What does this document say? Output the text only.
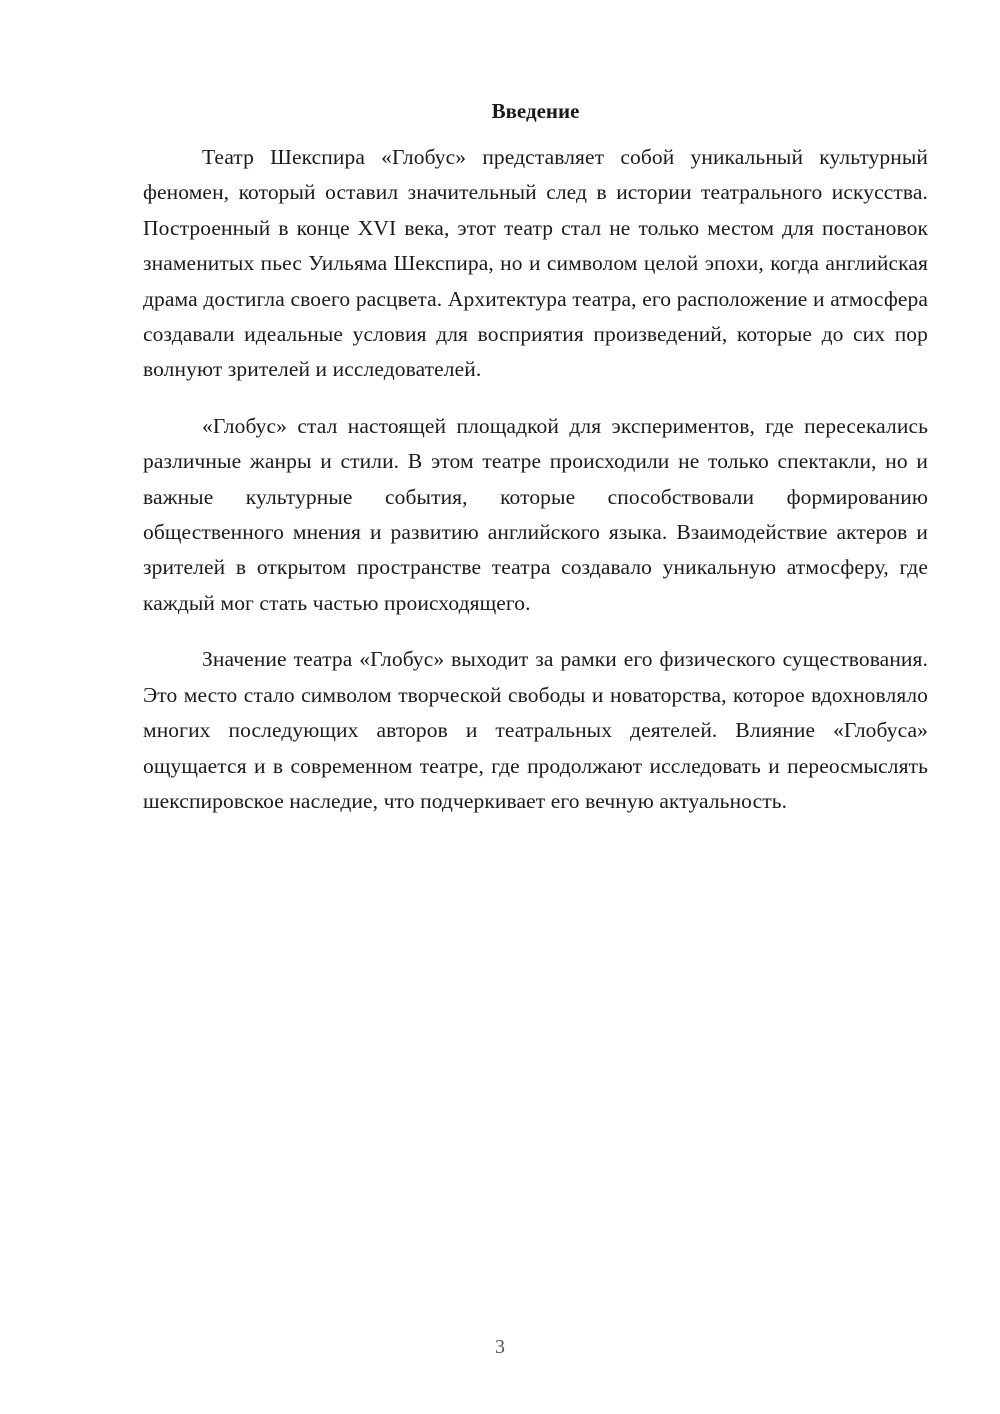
Введение

Театр Шекспира «Глобус» представляет собой уникальный культурный феномен, который оставил значительный след в истории театрального искусства. Построенный в конце XVI века, этот театр стал не только местом для постановок знаменитых пьес Уильяма Шекспира, но и символом целой эпохи, когда английская драма достигла своего расцвета. Архитектура театра, его расположение и атмосфера создавали идеальные условия для восприятия произведений, которые до сих пор волнуют зрителей и исследователей.

«Глобус» стал настоящей площадкой для экспериментов, где пересекались различные жанры и стили. В этом театре происходили не только спектакли, но и важные культурные события, которые способствовали формированию общественного мнения и развитию английского языка. Взаимодействие актеров и зрителей в открытом пространстве театра создавало уникальную атмосферу, где каждый мог стать частью происходящего.

Значение театра «Глобус» выходит за рамки его физического существования. Это место стало символом творческой свободы и новаторства, которое вдохновляло многих последующих авторов и театральных деятелей. Влияние «Глобуса» ощущается и в современном театре, где продолжают исследовать и переосмыслять шекспировское наследие, что подчеркивает его вечную актуальность.

3
